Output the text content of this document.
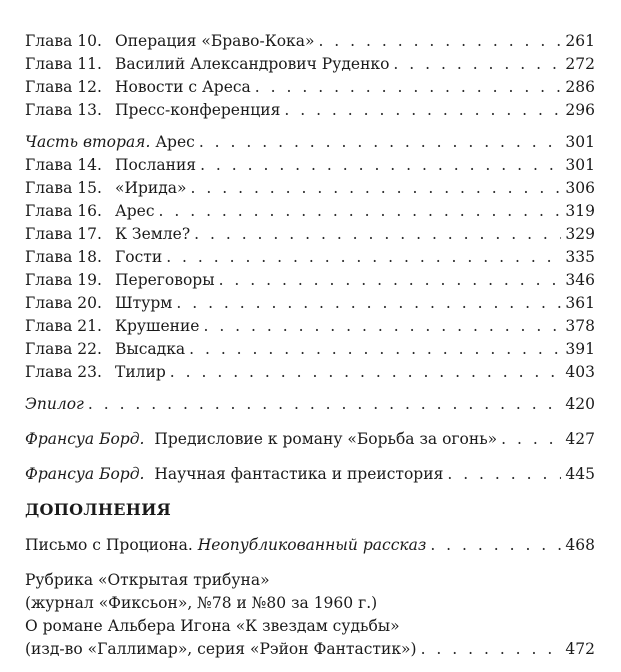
Глава 10. Операция «Браво-Кока» . . .	261
Глава 11. Василий Александрович Руденко . . .	272
Глава 12. Новости с Ареса . . .	286
Глава 13. Пресс-конференция . . .	296
Часть вторая. Арес . . .	301
Глава 14. Послания . . .	301
Глава 15. «Ирида» . . .	306
Глава 16. Арес . . .	319
Глава 17. К Земле? . . .	329
Глава 18. Гости . . .	335
Глава 19. Переговоры . . .	346
Глава 20. Штурм . . .	361
Глава 21. Крушение . . .	378
Глава 22. Высадка . . .	391
Глава 23. Тилир . . .	403
Эпилог . . .	420
Франсуа Борд. Предисловие к роману «Борьба за огонь» . . .	427
Франсуа Борд. Научная фантастика и преистория . . .	445
ДОПОЛНЕНИЯ
Письмо с Проциона. Неопубликованный рассказ . . .	468
Рубрика «Открытая трибуна»
(журнал «Фиксьон», №78 и №80 за 1960 г.)
О романе Альбера Игона «К звездам судьбы»
(изд-во «Галлимар», серия «Рэйон Фантастик») . . .	472
